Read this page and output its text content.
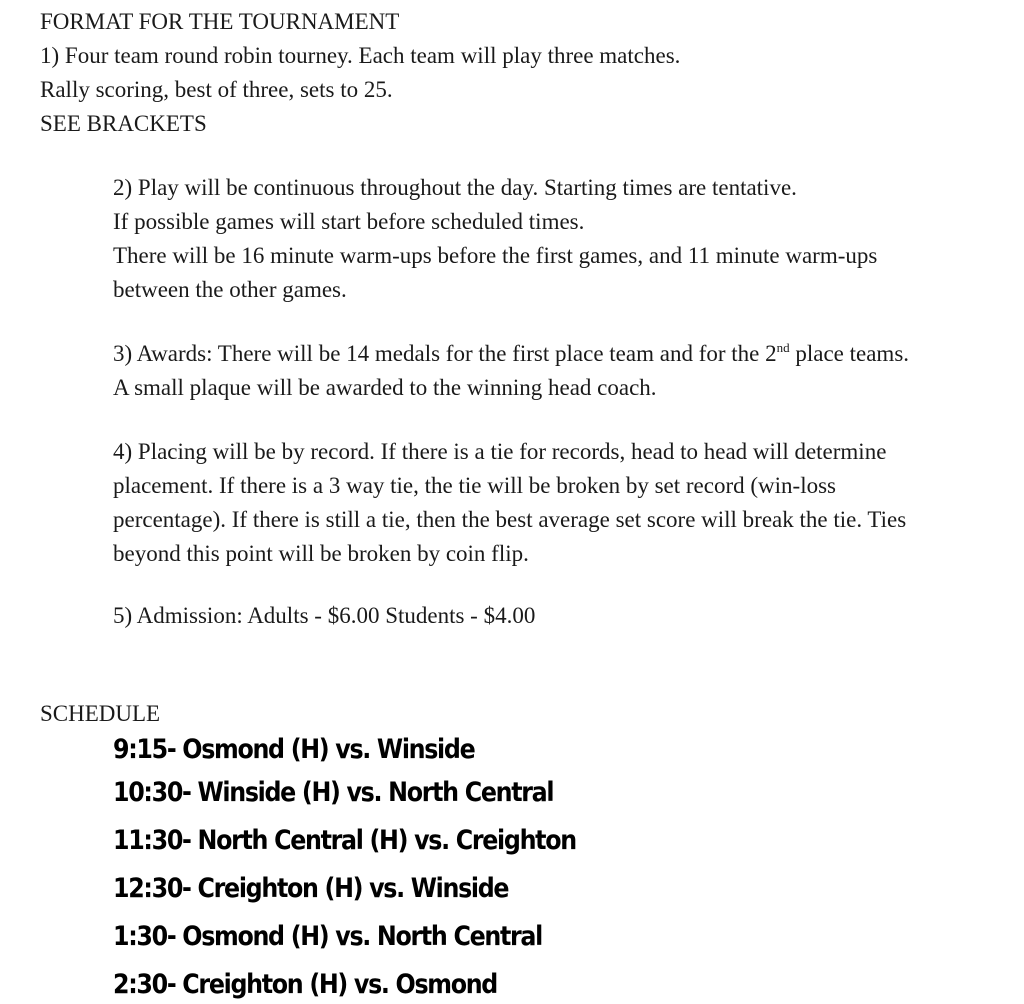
FORMAT FOR THE TOURNAMENT

1) Four team round robin tourney. Each team will play three matches.

Rally scoring, best of three, sets to 25.

SEE BRACKETS

2) Play will be continuous throughout the day. Starting times are tentative.

If possible games will start before scheduled times.

There will be 16 minute warm-ups before the first games, and 11 minute warm-ups

between the other games.

3) Awards: There will be 14 medals for the first place team and for the 2nd place teams.

A small plaque will be awarded to the winning head coach.

4) Placing will be by record. If there is a tie for records, head to head will determine

placement. If there is a 3 way tie, the tie will be broken by set record (win-loss

percentage). If there is still a tie, then the best average set score will break the tie. Ties

beyond this point will be broken by coin flip.

5) Admission: Adults - $6.00 Students - $4.00

SCHEDULE

9:15- Osmond (H) vs. Winside

10:30- Winside (H) vs. North Central

11:30- North Central (H) vs. Creighton

12:30- Creighton (H) vs. Winside

1:30- Osmond (H) vs. North Central

2:30- Creighton (H) vs. Osmond
